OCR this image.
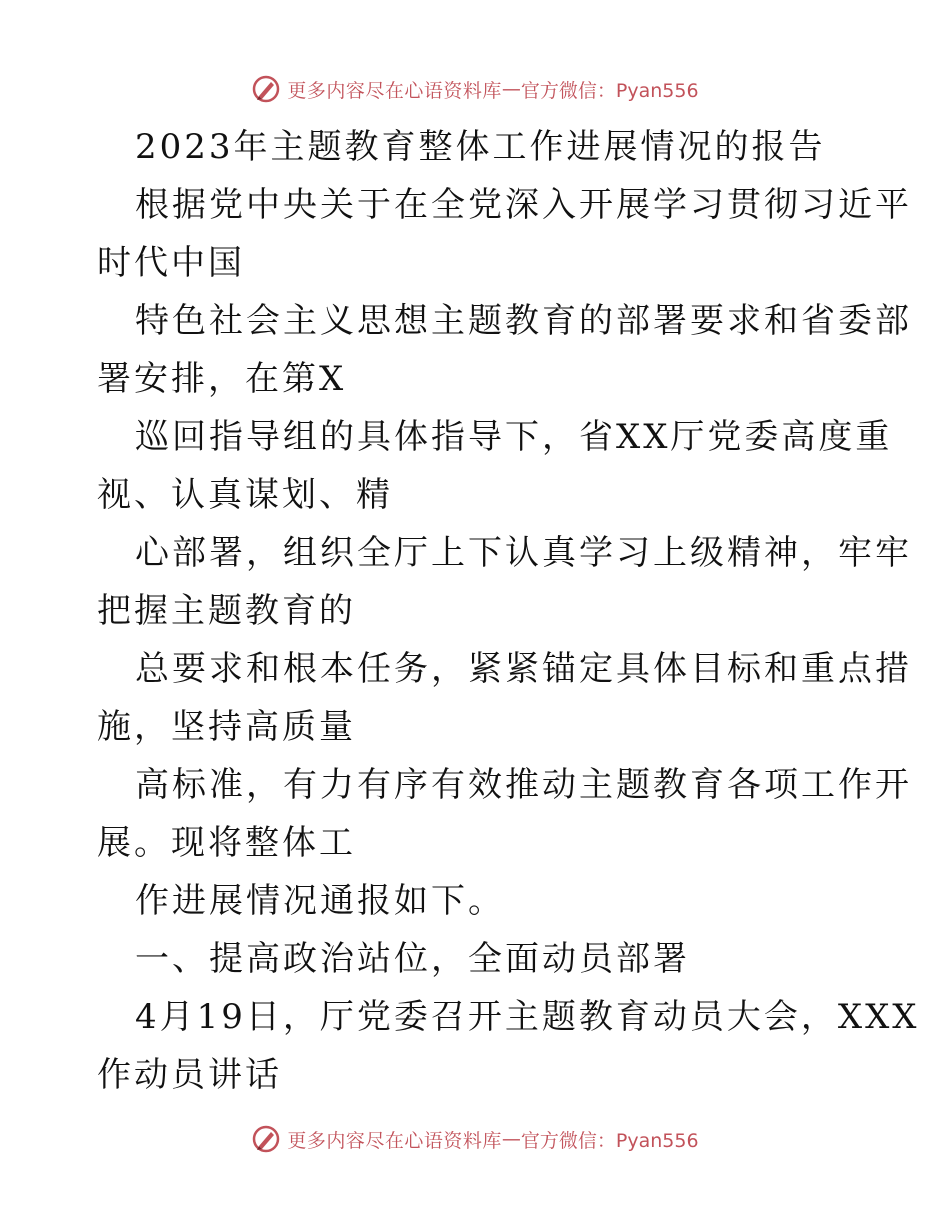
更多内容尽在心语资料库 — 官方微信：Pyan556
2023年主题教育整体工作进展情况的报告
根据党中央关于在全党深入开展学习贯彻习近平
时代中国
特色社会主义思想主题教育的部署要求和省委部
署安排，在第X
巡回指导组的具体指导下，省XX厅党委高度重
视、认真谋划、精
心部署，组织全厅上下认真学习上级精神，牢牢
把握主题教育的
总要求和根本任务，紧紧锚定具体目标和重点措
施，坚持高质量
高标准，有力有序有效推动主题教育各项工作开
展。现将整体工
作进展情况通报如下。
一、提高政治站位，全面动员部署
4月19日，厅党委召开主题教育动员大会，XXX
作动员讲话
更多内容尽在心语资料库 — 官方微信：Pyan556
